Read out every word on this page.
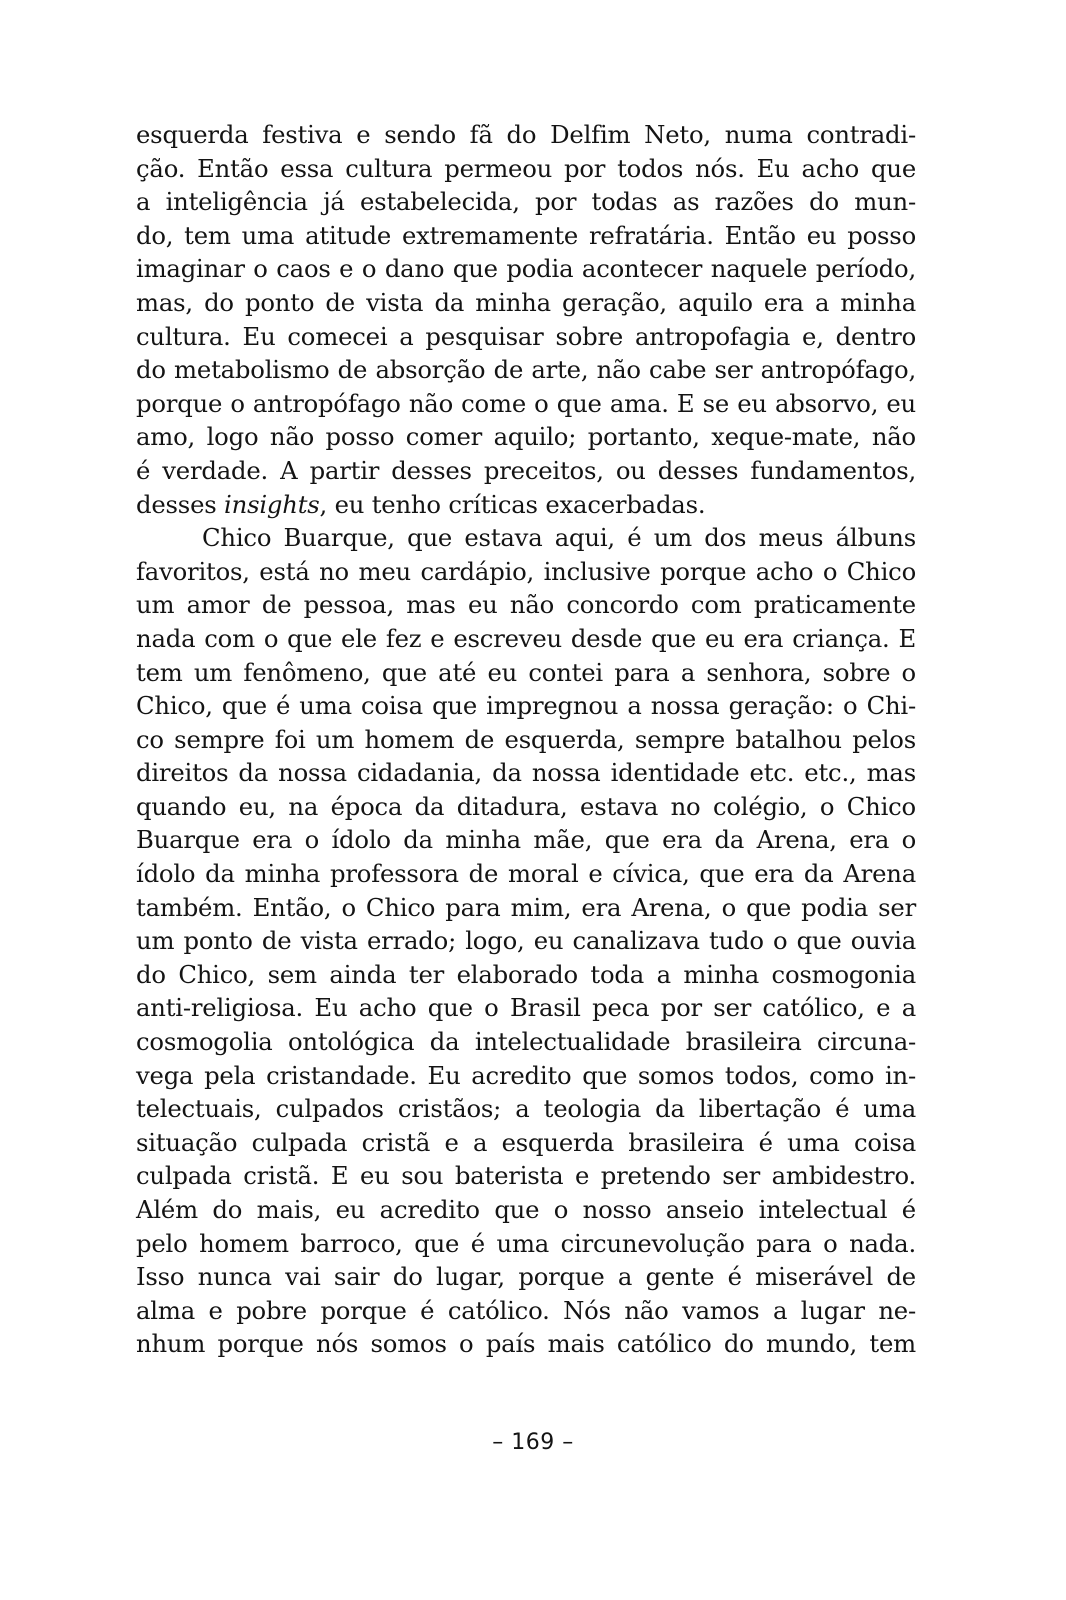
esquerda festiva e sendo fã do Delfim Neto, numa contradi-
ção. Então essa cultura permeou por todos nós. Eu acho que
a inteligência já estabelecida, por todas as razões do mun-
do, tem uma atitude extremamente refratária. Então eu posso
imaginar o caos e o dano que podia acontecer naquele período,
mas, do ponto de vista da minha geração, aquilo era a minha
cultura. Eu comecei a pesquisar sobre antropofagia e, dentro
do metabolismo de absorção de arte, não cabe ser antropófago,
porque o antropófago não come o que ama. E se eu absorvo, eu
amo, logo não posso comer aquilo; portanto, xeque-mate, não
é verdade. A partir desses preceitos, ou desses fundamentos,
desses insights, eu tenho críticas exacerbadas.
Chico Buarque, que estava aqui, é um dos meus álbuns
favoritos, está no meu cardápio, inclusive porque acho o Chico
um amor de pessoa, mas eu não concordo com praticamente
nada com o que ele fez e escreveu desde que eu era criança. E
tem um fenômeno, que até eu contei para a senhora, sobre o
Chico, que é uma coisa que impregnou a nossa geração: o Chi-
co sempre foi um homem de esquerda, sempre batalhou pelos
direitos da nossa cidadania, da nossa identidade etc. etc., mas
quando eu, na época da ditadura, estava no colégio, o Chico
Buarque era o ídolo da minha mãe, que era da Arena, era o
ídolo da minha professora de moral e cívica, que era da Arena
também. Então, o Chico para mim, era Arena, o que podia ser
um ponto de vista errado; logo, eu canalizava tudo o que ouvia
do Chico, sem ainda ter elaborado toda a minha cosmogonia
anti-religiosa. Eu acho que o Brasil peca por ser católico, e a
cosmogolia ontológica da intelectualidade brasileira circuna-
vega pela cristandade. Eu acredito que somos todos, como in-
telectuais, culpados cristãos; a teologia da libertação é uma
situação culpada cristã e a esquerda brasileira é uma coisa
culpada cristã. E eu sou baterista e pretendo ser ambidestro.
Além do mais, eu acredito que o nosso anseio intelectual é
pelo homem barroco, que é uma circunevolução para o nada.
Isso nunca vai sair do lugar, porque a gente é miserável de
alma e pobre porque é católico. Nós não vamos a lugar ne-
nhum porque nós somos o país mais católico do mundo, tem
– 169 –
